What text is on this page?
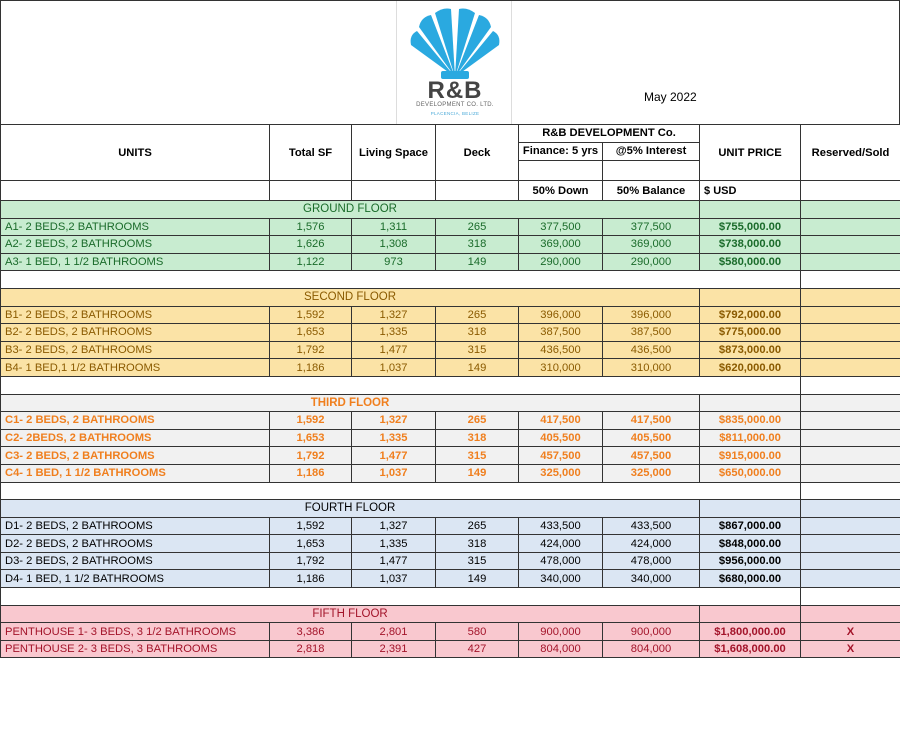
R&B
DEVELOPMENT CO. LTD.
PLACENCIA, BELIZE
May 2022
UNITS	Total SF	Living Space	Deck	R&B DEVELOPMENT Co.		UNIT PRICE	Reserved/Sold
				Finance: 5 yrs	@5% Interest		

				50% Down	50% Balance	$ USD	
GROUND FLOOR							
A1- 2 BEDS,2 BATHROOMS	1,576	1,311	265	377,500	377,500	$755,000.00	
A2- 2 BEDS, 2 BATHROOMS	1,626	1,308	318	369,000	369,000	$738,000.00	
A3- 1 BED, 1 1/2 BATHROOMS	1,122	973	149	290,000	290,000	$580,000.00	

SECOND FLOOR							
B1- 2 BEDS, 2 BATHROOMS	1,592	1,327	265	396,000	396,000	$792,000.00	
B2- 2 BEDS, 2 BATHROOMS	1,653	1,335	318	387,500	387,500	$775,000.00	
B3- 2 BEDS, 2 BATHROOMS	1,792	1,477	315	436,500	436,500	$873,000.00	
B4- 1 BED,1 1/2 BATHROOMS	1,186	1,037	149	310,000	310,000	$620,000.00	

THIRD FLOOR							
C1- 2 BEDS, 2 BATHROOMS	1,592	1,327	265	417,500	417,500	$835,000.00	
C2- 2BEDS, 2 BATHROOMS	1,653	1,335	318	405,500	405,500	$811,000.00	
C3- 2 BEDS, 2 BATHROOMS	1,792	1,477	315	457,500	457,500	$915,000.00	
C4- 1 BED, 1 1/2 BATHROOMS	1,186	1,037	149	325,000	325,000	$650,000.00	

FOURTH FLOOR							
D1- 2 BEDS, 2 BATHROOMS	1,592	1,327	265	433,500	433,500	$867,000.00	
D2- 2 BEDS, 2 BATHROOMS	1,653	1,335	318	424,000	424,000	$848,000.00	
D3- 2 BEDS, 2 BATHROOMS	1,792	1,477	315	478,000	478,000	$956,000.00	
D4- 1 BED, 1 1/2 BATHROOMS	1,186	1,037	149	340,000	340,000	$680,000.00	

FIFTH FLOOR							
PENTHOUSE 1- 3 BEDS, 3 1/2 BATHROOMS	3,386	2,801	580	900,000	900,000	$1,800,000.00	X
PENTHOUSE 2- 3 BEDS, 3 BATHROOMS	2,818	2,391	427	804,000	804,000	$1,608,000.00	X
